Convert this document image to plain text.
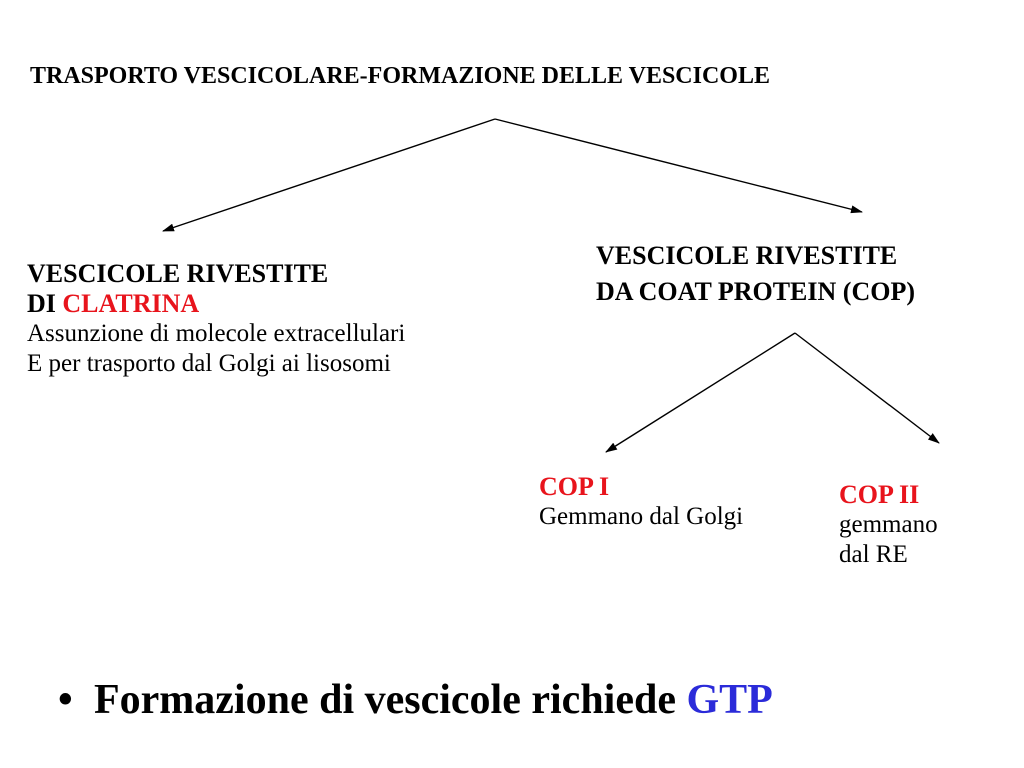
TRASPORTO VESCICOLARE-FORMAZIONE DELLE VESCICOLE
VESCICOLE RIVESTITE
DI CLATRINA
Assunzione di molecole extracellulari
E per trasporto dal Golgi ai lisosomi
VESCICOLE RIVESTITE
DA COAT PROTEIN (COP)
COP I
Gemmano dal Golgi
COP II
gemmano
dal RE
• Formazione di vescicole richiede GTP
